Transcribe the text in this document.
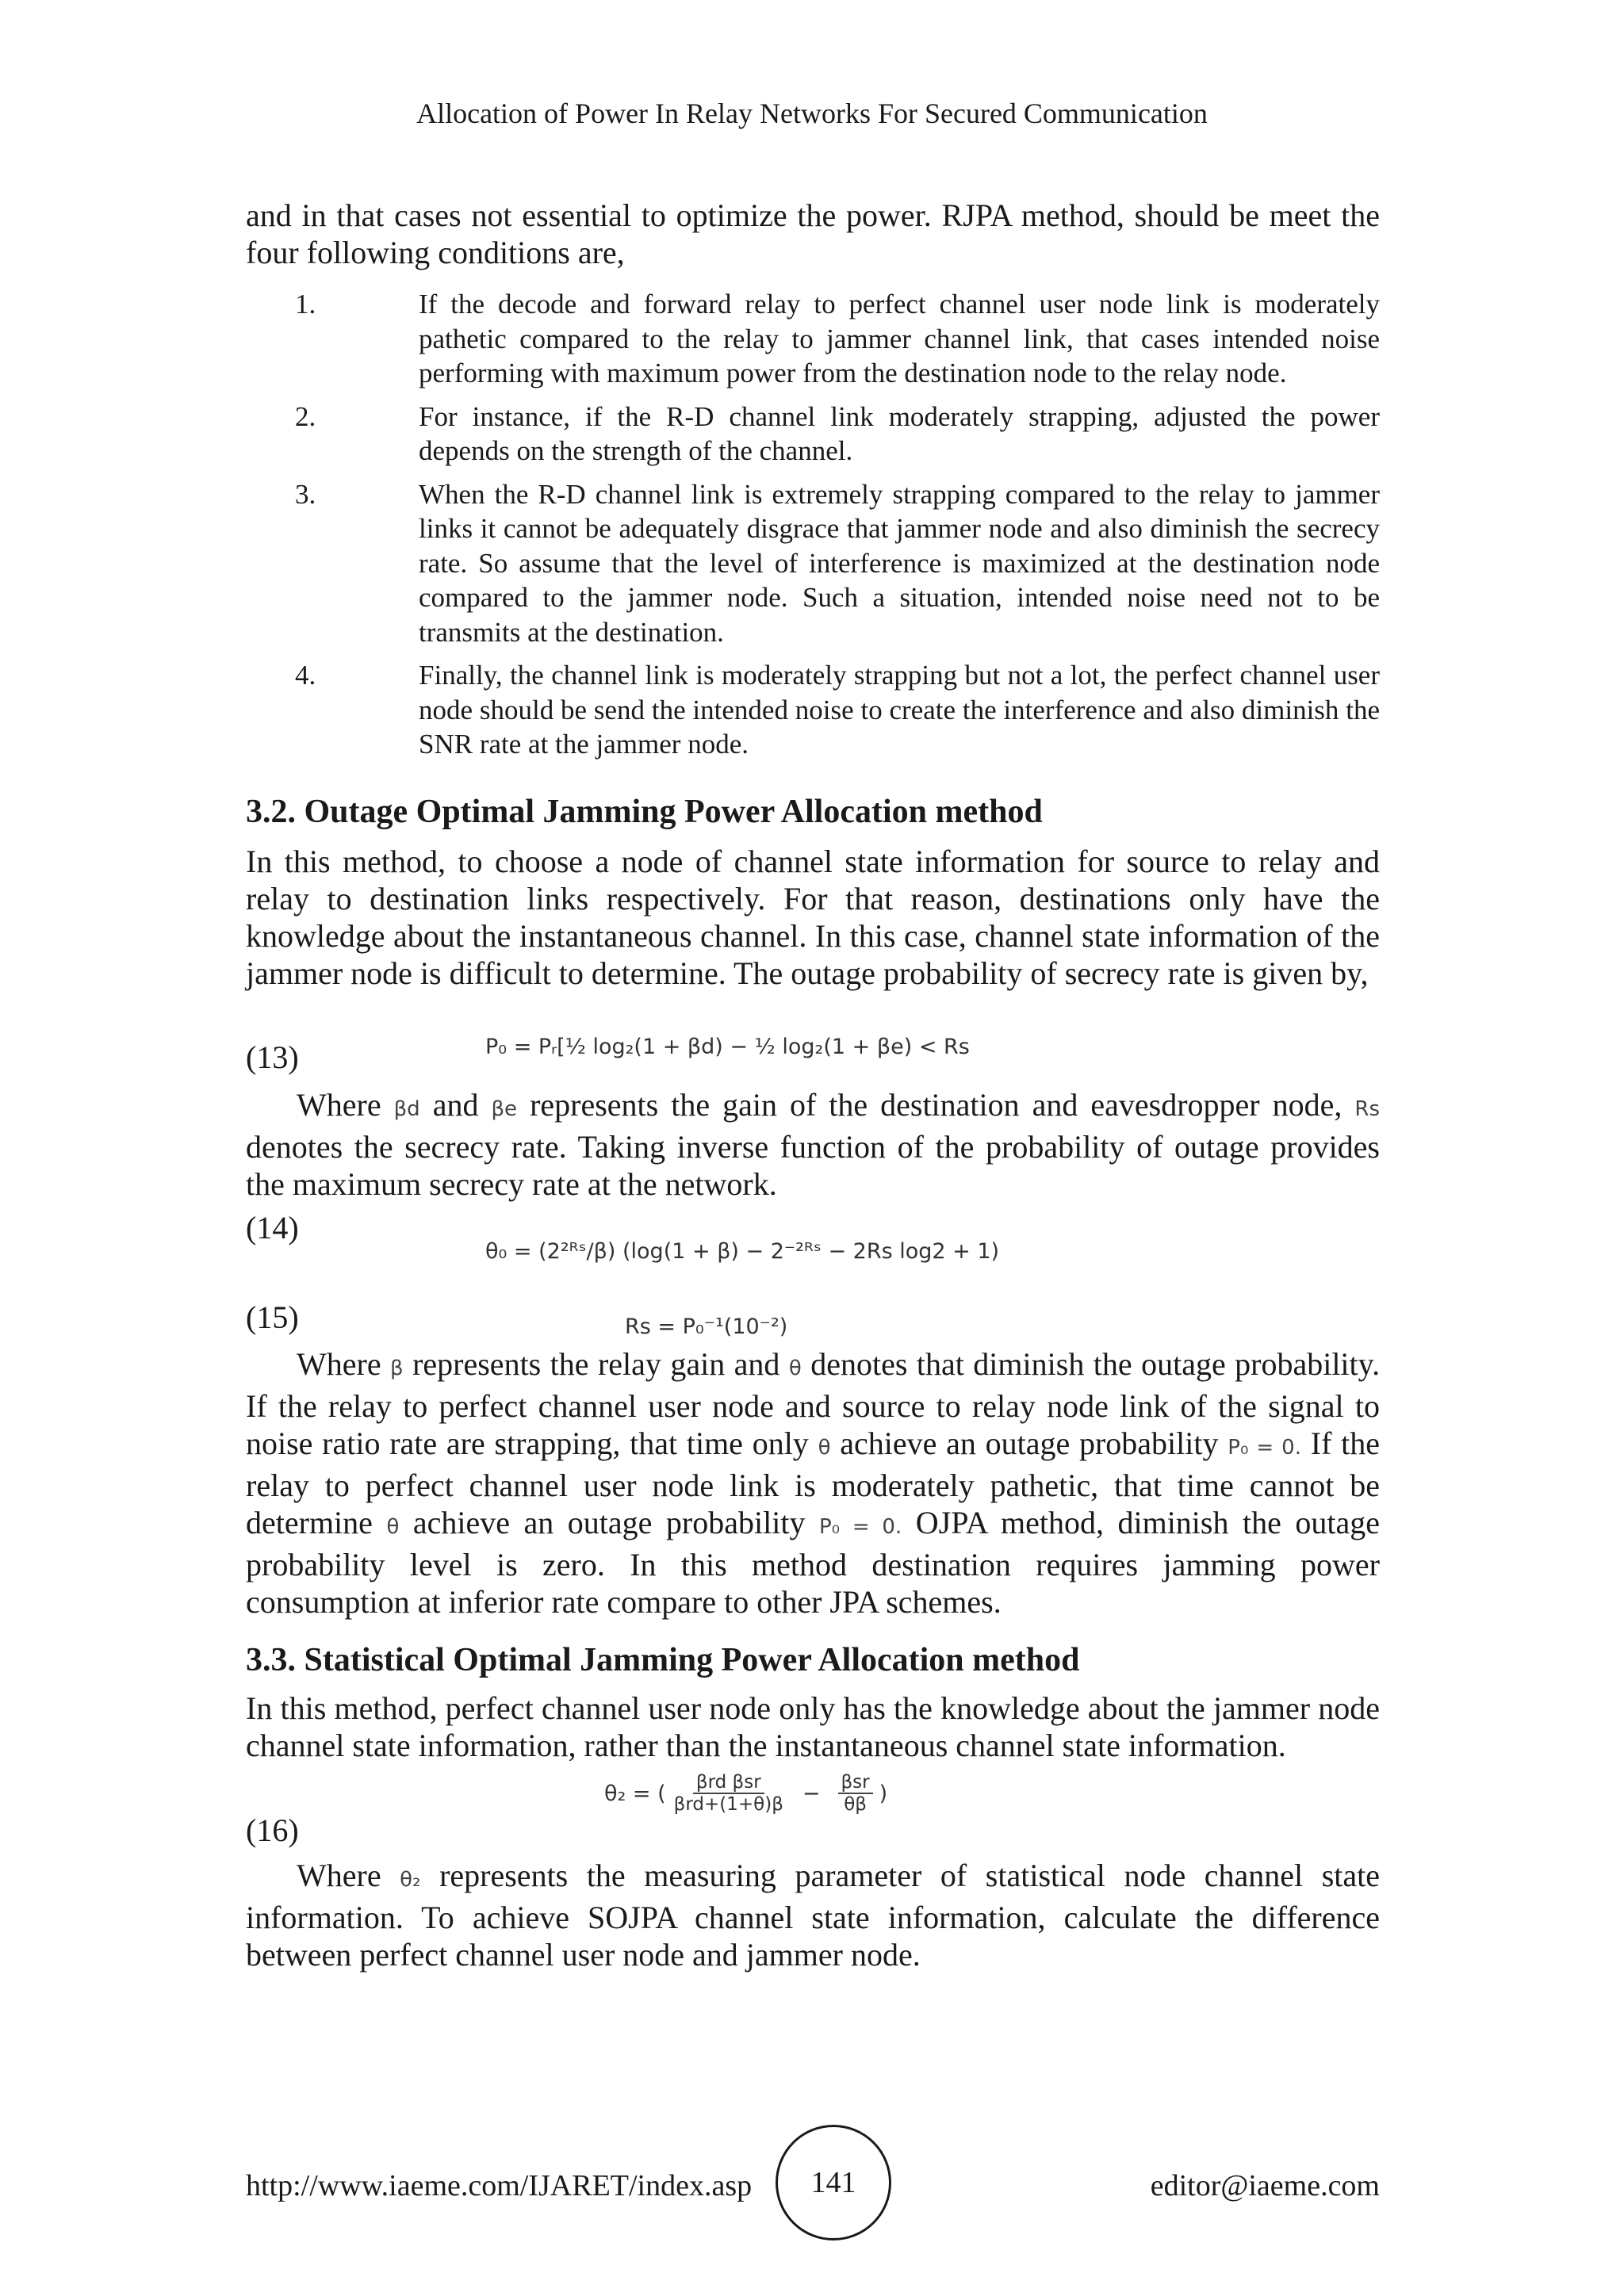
Allocation of Power In Relay Networks For Secured Communication

and in that cases not essential to optimize the power. RJPA method, should be meet the four following conditions are,

1.	If the decode and forward relay to perfect channel user node link is moderately pathetic compared to the relay to jammer channel link, that cases intended noise performing with maximum power from the destination node to the relay node.
2.	For instance, if the R-D channel link moderately strapping, adjusted the power depends on the strength of the channel.
3.	When the R-D channel link is extremely strapping compared to the relay to jammer links it cannot be adequately disgrace that jammer node and also diminish the secrecy rate. So assume that the level of interference is maximized at the destination node compared to the jammer node. Such a situation, intended noise need not to be transmits at the destination.
4.	Finally, the channel link is moderately strapping but not a lot, the perfect channel user node should be send the intended noise to create the interference and also diminish the SNR rate at the jammer node.
3.2. Outage Optimal Jamming Power Allocation method

In this method, to choose a node of channel state information for source to relay and relay to destination links respectively. For that reason, destinations only have the knowledge about the instantaneous channel. In this case, channel state information of the jammer node is difficult to determine. The outage probability of secrecy rate is given by,

(13)	P₀ = Pᵣ[½ log₂(1 + βd) − ½ log₂(1 + βe) < Rs

Where βd and βe represents the gain of the destination and eavesdropper node, Rs denotes the secrecy rate. Taking inverse function of the probability of outage provides the maximum secrecy rate at the network.

(14)
θ₀ = (2²ᴿˢ/β) (log(1 + β) − 2⁻²ᴿˢ − 2Rs log2 + 1)
(15)	Rs = P₀⁻¹(10⁻²)

Where β represents the relay gain and θ denotes that diminish the outage probability. If the relay to perfect channel user node and source to relay node link of the signal to noise ratio rate are strapping, that time only θ achieve an outage probability P₀ = 0. If the relay to perfect channel user node link is moderately pathetic, that time cannot be determine θ achieve an outage probability P₀ = 0. OJPA method, diminish the outage probability level is zero. In this method destination requires jamming power consumption at inferior rate compare to other JPA schemes.

3.3. Statistical Optimal Jamming Power Allocation method

In this method, perfect channel user node only has the knowledge about the jammer node channel state information, rather than the instantaneous channel state information.

(16)
θ₂ = ( βrd βsr
βrd+(1+θ)β − βsr
θβ )

Where θ₂ represents the measuring parameter of statistical node channel state information. To achieve SOJPA channel state information, calculate the difference between perfect channel user node and jammer node.

http://www.iaeme.com/IJARET/index.asp 141	editor@iaeme.com
